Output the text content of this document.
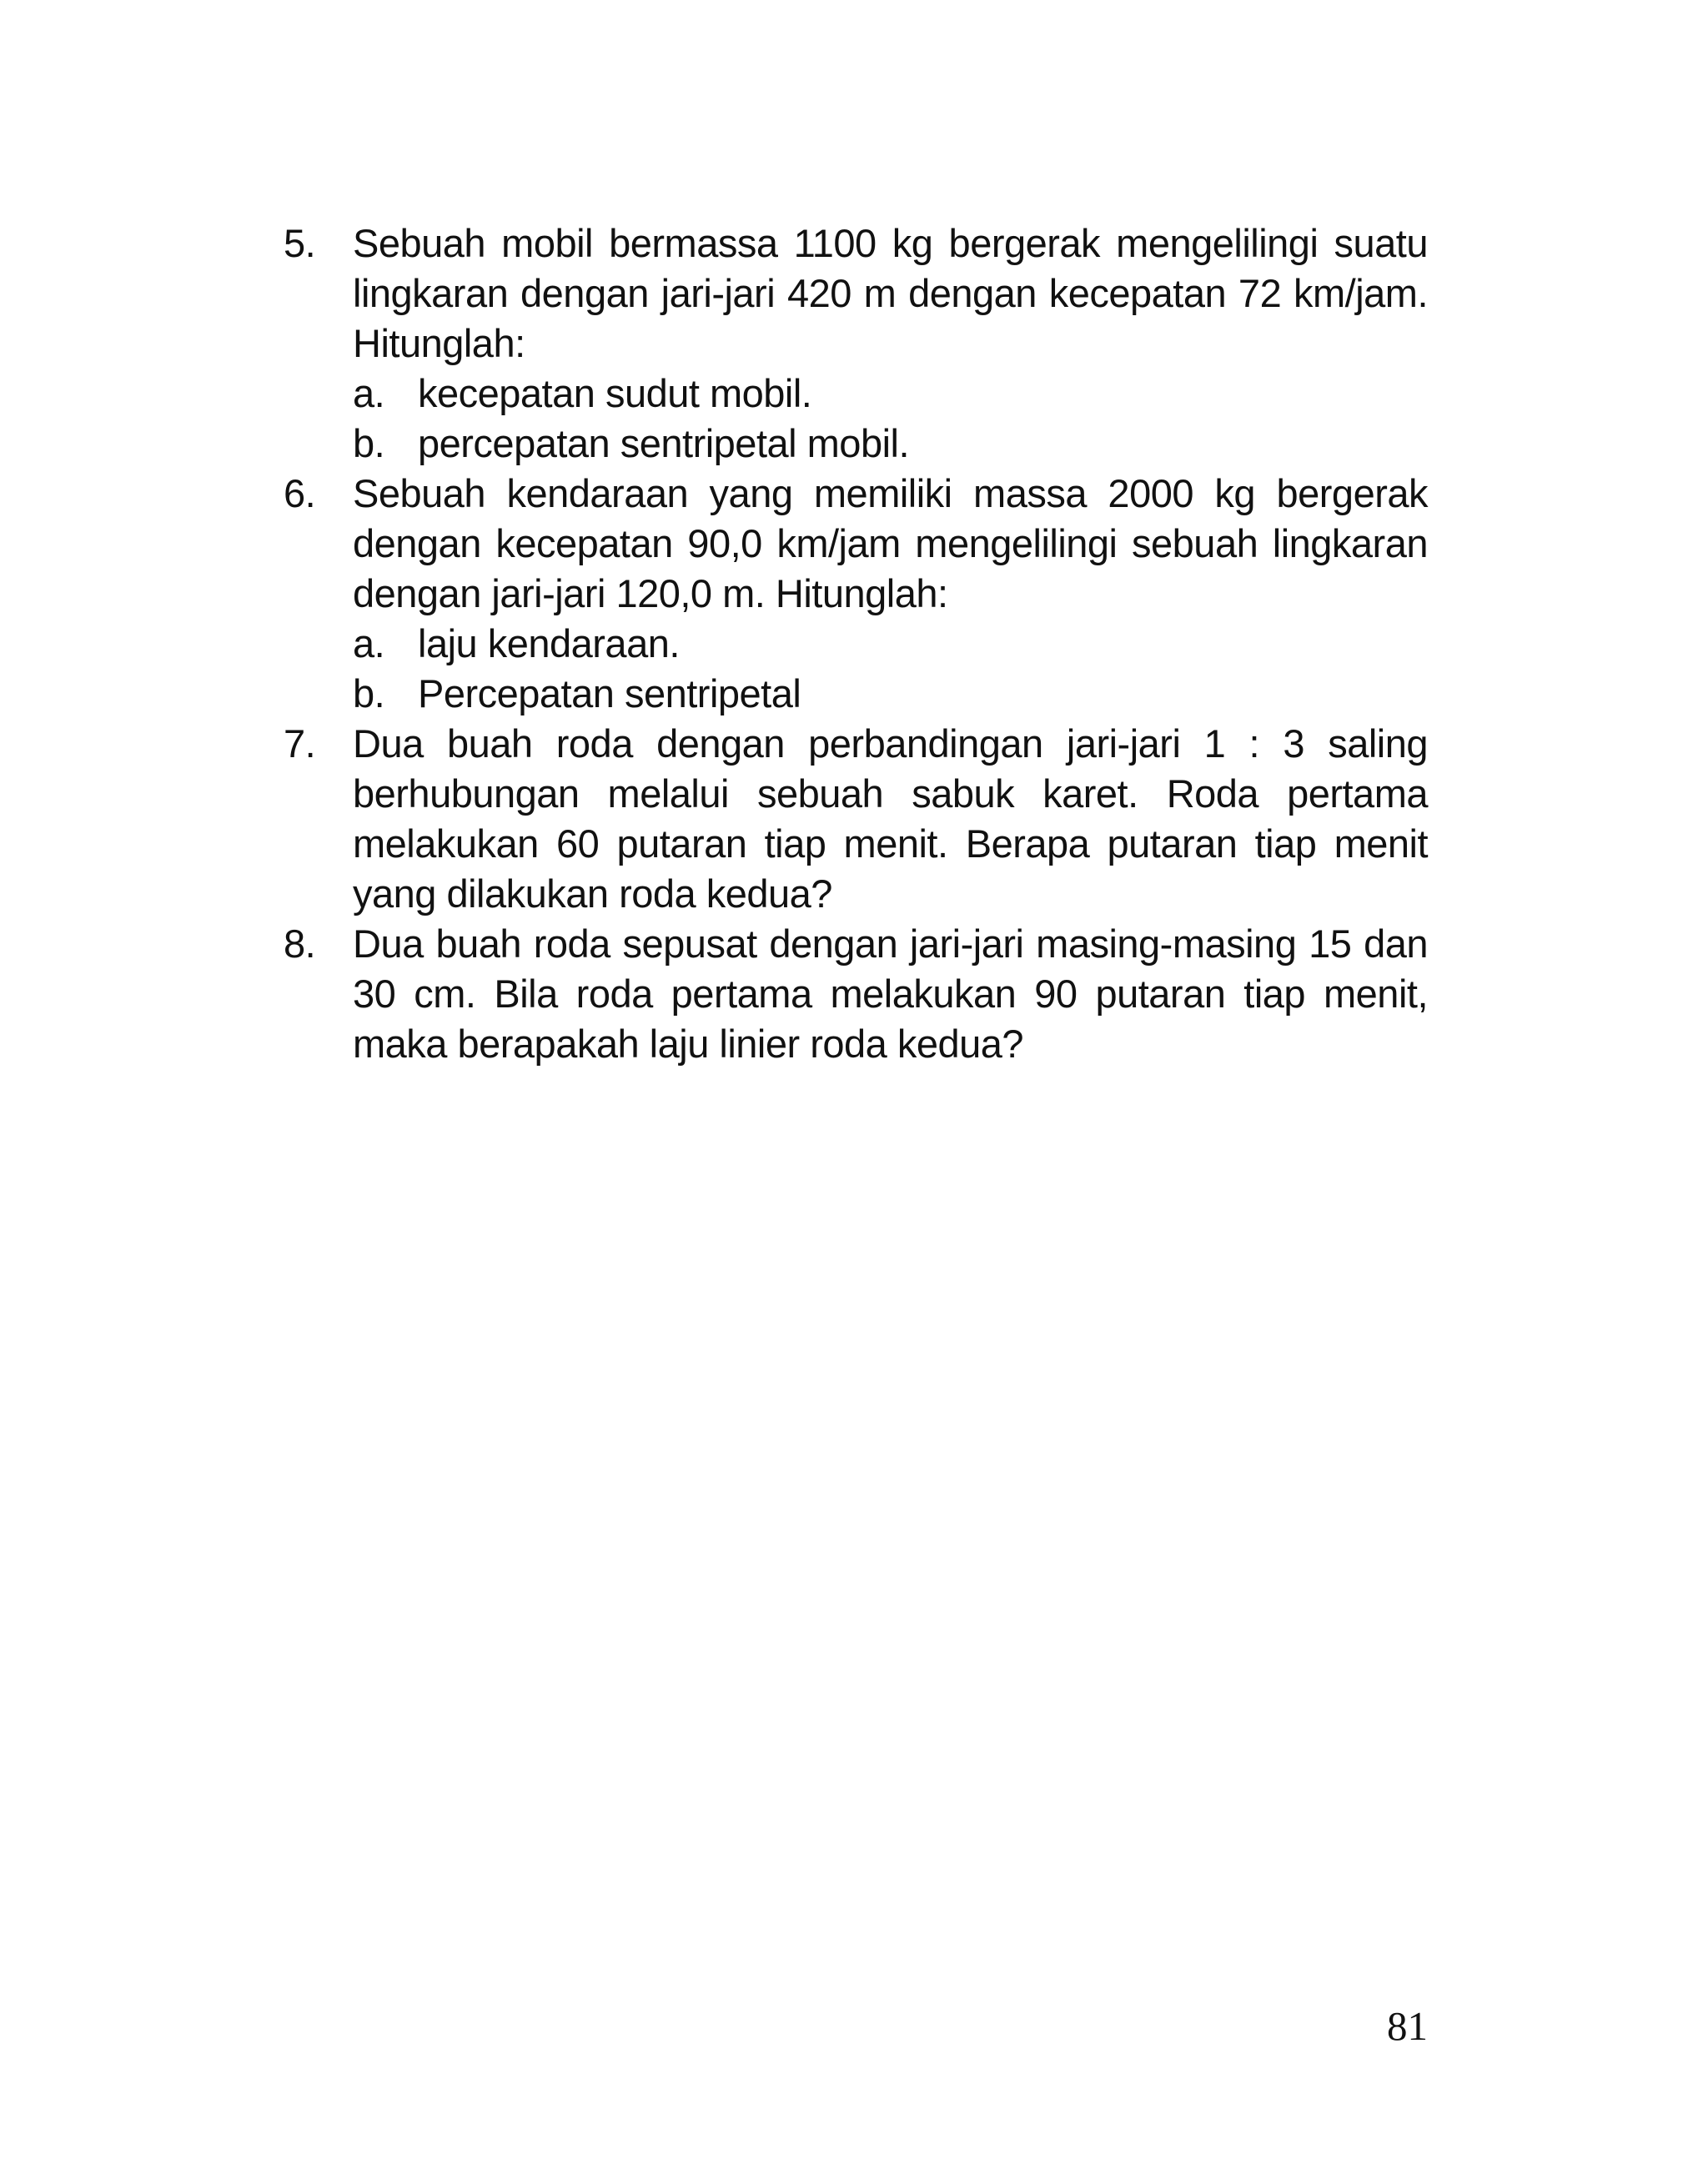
5. Sebuah mobil bermassa 1100 kg bergerak mengelilingi suatu lingkaran dengan jari-jari 420 m dengan kecepatan 72 km/jam. Hitunglah:
a. kecepatan sudut mobil.
b. percepatan sentripetal mobil.
6. Sebuah kendaraan yang memiliki massa 2000 kg bergerak dengan kecepatan 90,0 km/jam mengelilingi sebuah lingkaran dengan jari-jari 120,0 m. Hitunglah:
a. laju kendaraan.
b. Percepatan sentripetal
7. Dua buah roda dengan perbandingan jari-jari 1 : 3 saling berhubungan melalui sebuah sabuk karet. Roda pertama melakukan 60 putaran tiap menit. Berapa putaran tiap menit yang dilakukan roda kedua?
8. Dua buah roda sepusat dengan jari-jari masing-masing 15 dan 30 cm. Bila roda pertama melakukan 90 putaran tiap menit, maka berapakah laju linier roda kedua?
81
